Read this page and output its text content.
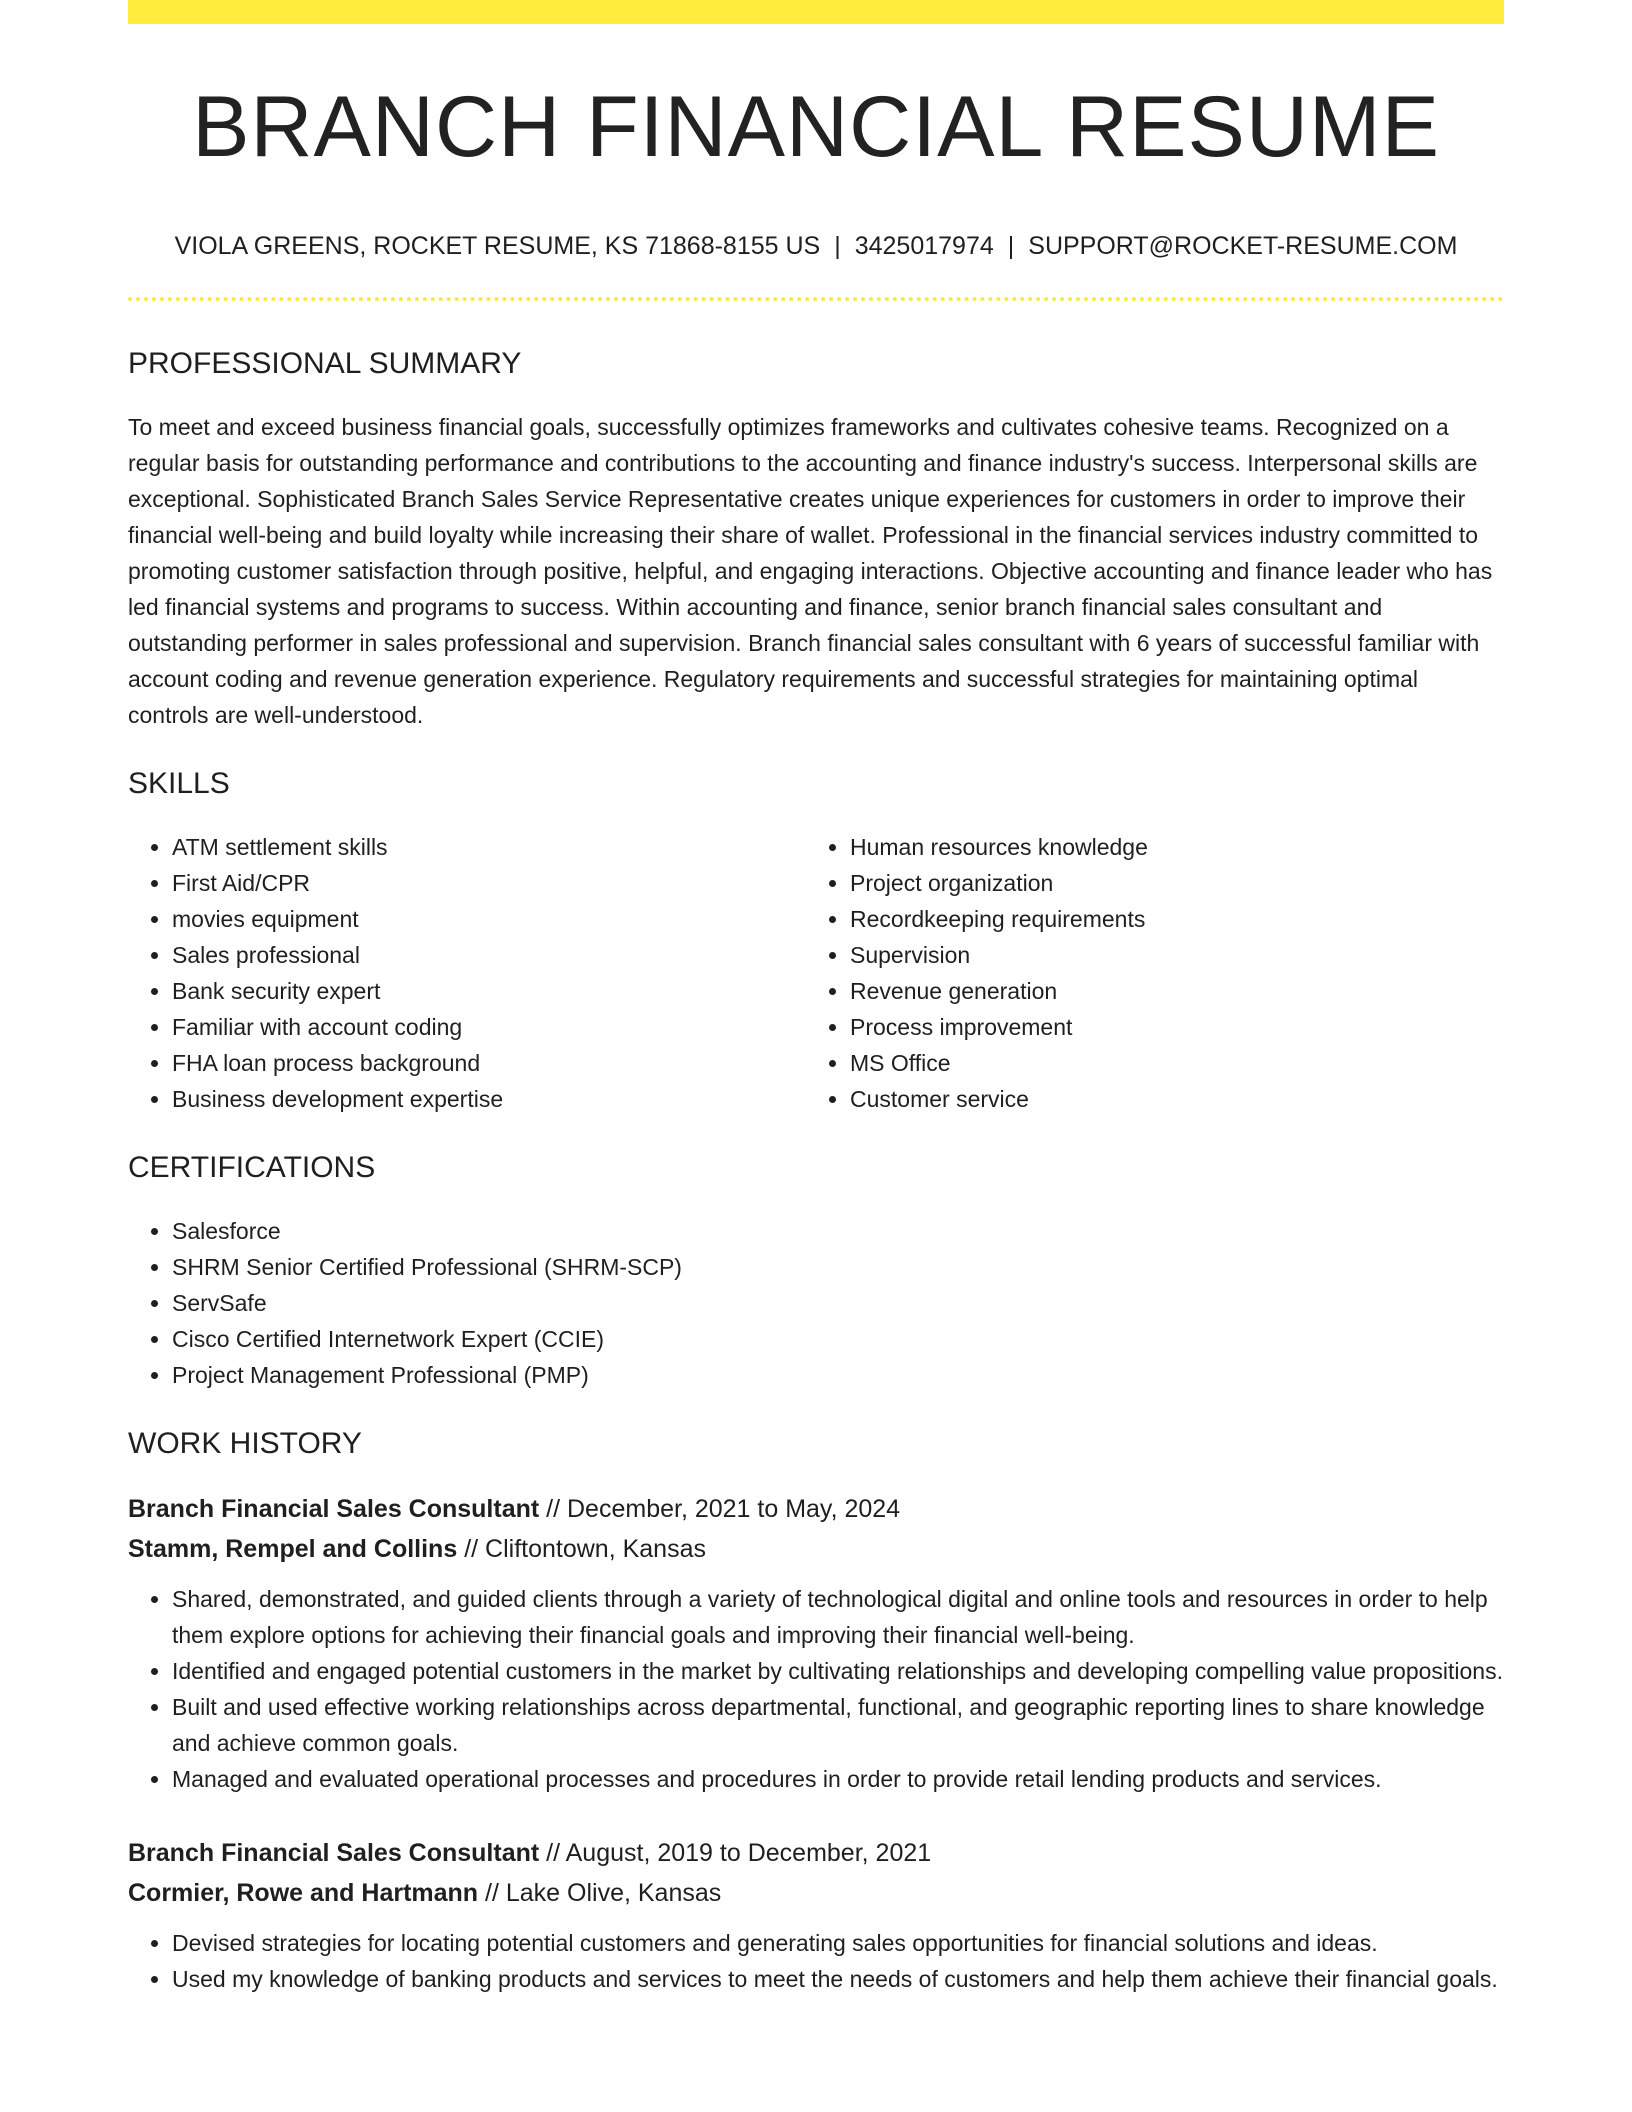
BRANCH FINANCIAL RESUME
VIOLA GREENS, ROCKET RESUME, KS 71868-8155 US | 3425017974 | SUPPORT@ROCKET-RESUME.COM
PROFESSIONAL SUMMARY
To meet and exceed business financial goals, successfully optimizes frameworks and cultivates cohesive teams. Recognized on a regular basis for outstanding performance and contributions to the accounting and finance industry's success. Interpersonal skills are exceptional. Sophisticated Branch Sales Service Representative creates unique experiences for customers in order to improve their financial well-being and build loyalty while increasing their share of wallet. Professional in the financial services industry committed to promoting customer satisfaction through positive, helpful, and engaging interactions. Objective accounting and finance leader who has led financial systems and programs to success. Within accounting and finance, senior branch financial sales consultant and outstanding performer in sales professional and supervision. Branch financial sales consultant with 6 years of successful familiar with account coding and revenue generation experience. Regulatory requirements and successful strategies for maintaining optimal controls are well-understood.
SKILLS
• ATM settlement skills
• First Aid/CPR
• movies equipment
• Sales professional
• Bank security expert
• Familiar with account coding
• FHA loan process background
• Business development expertise
• Human resources knowledge
• Project organization
• Recordkeeping requirements
• Supervision
• Revenue generation
• Process improvement
• MS Office
• Customer service
CERTIFICATIONS
• Salesforce
• SHRM Senior Certified Professional (SHRM-SCP)
• ServSafe
• Cisco Certified Internetwork Expert (CCIE)
• Project Management Professional (PMP)
WORK HISTORY
Branch Financial Sales Consultant // December, 2021 to May, 2024
Stamm, Rempel and Collins // Cliftontown, Kansas
• Shared, demonstrated, and guided clients through a variety of technological digital and online tools and resources in order to help them explore options for achieving their financial goals and improving their financial well-being.
• Identified and engaged potential customers in the market by cultivating relationships and developing compelling value propositions.
• Built and used effective working relationships across departmental, functional, and geographic reporting lines to share knowledge and achieve common goals.
• Managed and evaluated operational processes and procedures in order to provide retail lending products and services.
Branch Financial Sales Consultant // August, 2019 to December, 2021
Cormier, Rowe and Hartmann // Lake Olive, Kansas
• Devised strategies for locating potential customers and generating sales opportunities for financial solutions and ideas.
• Used my knowledge of banking products and services to meet the needs of customers and help them achieve their financial goals.
